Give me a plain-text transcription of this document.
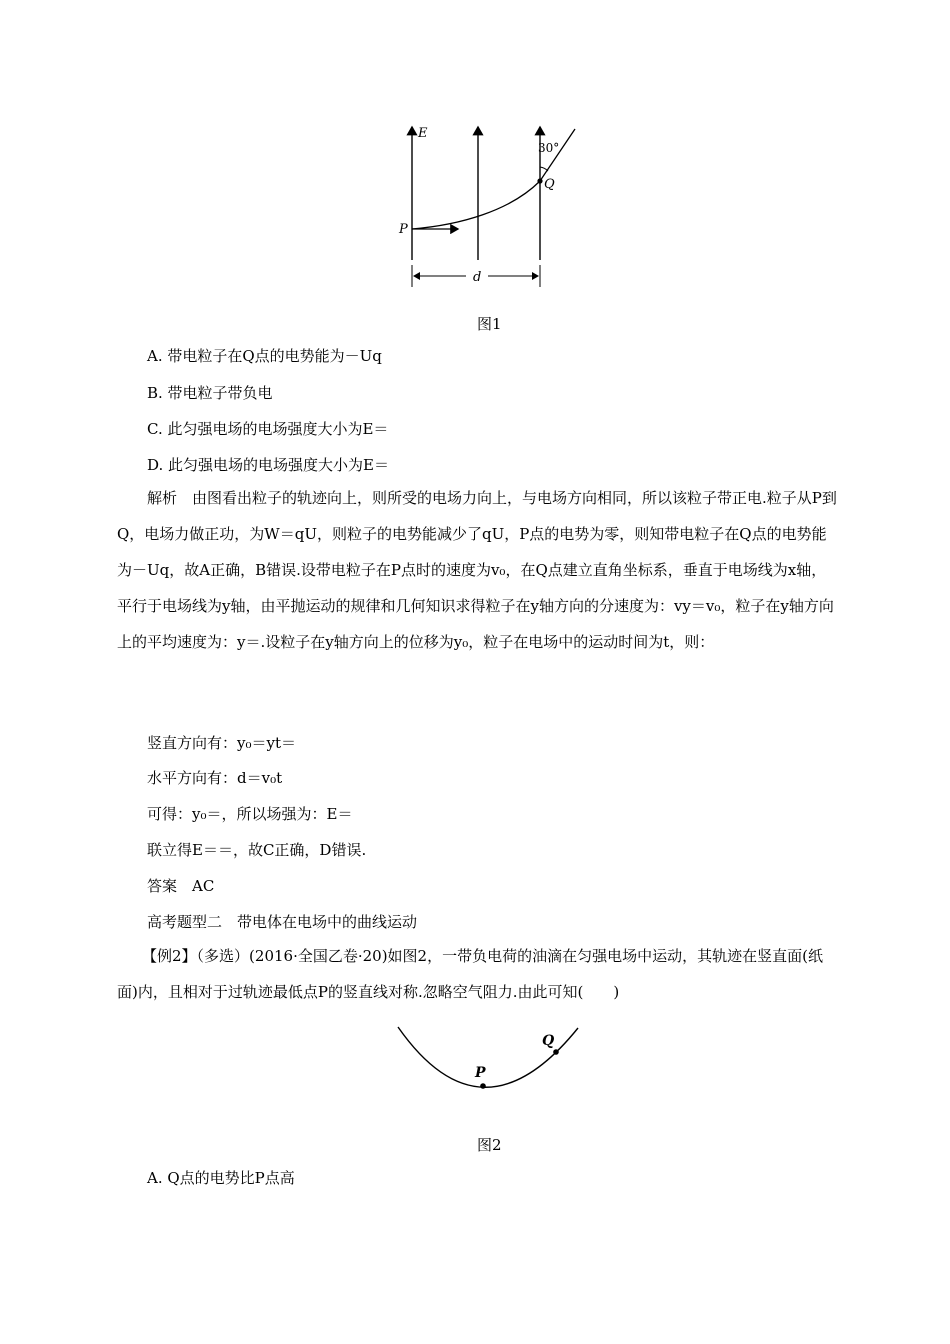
E
30°
Q
P
d
图1
A. 带电粒子在Q点的电势能为－Uq
B. 带电粒子带负电
C. 此匀强电场的电场强度大小为E＝
D. 此匀强电场的电场强度大小为E＝

解析　由图看出粒子的轨迹向上，则所受的电场力向上，与电场方向相同，所以该粒子带正电.粒子从P到Q，电场力做正功，为W＝qU，则粒子的电势能减少了qU，P点的电势为零，则知带电粒子在Q点的电势能为－Uq，故A正确，B错误.设带电粒子在P点时的速度为v₀，在Q点建立直角坐标系，垂直于电场线为x轴，平行于电场线为y轴，由平抛运动的规律和几何知识求得粒子在y轴方向的分速度为：vy＝v₀，粒子在y轴方向上的平均速度为：y＝.设粒子在y轴方向上的位移为y₀，粒子在电场中的运动时间为t，则：

竖直方向有：y₀＝yt＝
水平方向有：d＝v₀t
可得：y₀＝，所以场强为：E＝
联立得E＝＝，故C正确，D错误.
答案　AC
高考题型二　带电体在电场中的曲线运动

【例2】（多选）(2016·全国乙卷·20)如图2，一带负电荷的油滴在匀强电场中运动，其轨迹在竖直面(纸面)内，且相对于过轨迹最低点P的竖直线对称.忽略空气阻力.由此可知(　　)

P
Q
图2
A. Q点的电势比P点高
